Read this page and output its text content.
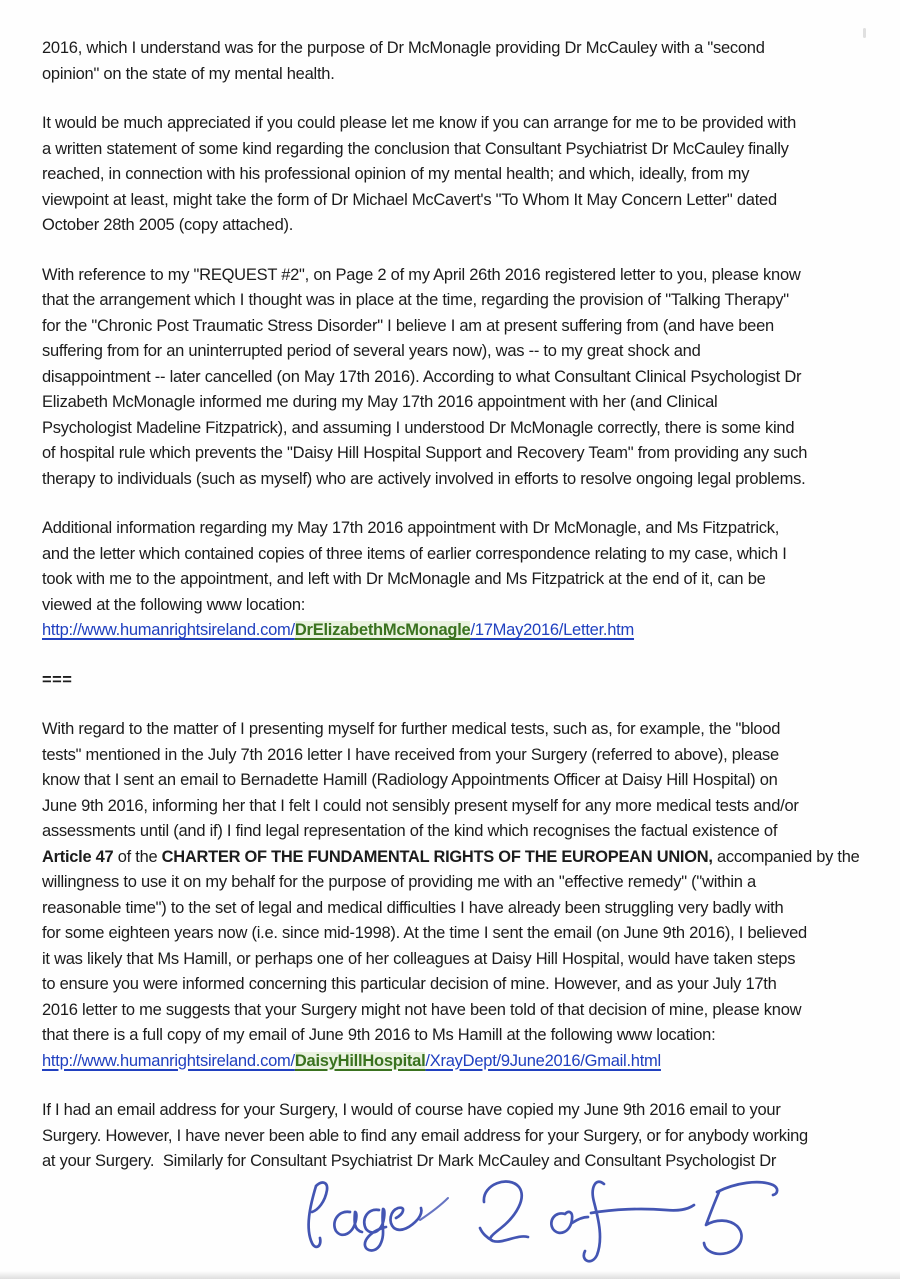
2016, which I understand was for the purpose of Dr McMonagle providing Dr McCauley with a "second
opinion" on the state of my mental health.
It would be much appreciated if you could please let me know if you can arrange for me to be provided with
a written statement of some kind regarding the conclusion that Consultant Psychiatrist Dr McCauley finally
reached, in connection with his professional opinion of my mental health; and which, ideally, from my
viewpoint at least, might take the form of Dr Michael McCavert's "To Whom It May Concern Letter" dated
October 28th 2005 (copy attached).
With reference to my "REQUEST #2", on Page 2 of my April 26th 2016 registered letter to you, please know
that the arrangement which I thought was in place at the time, regarding the provision of "Talking Therapy"
for the "Chronic Post Traumatic Stress Disorder" I believe I am at present suffering from (and have been
suffering from for an uninterrupted period of several years now), was -- to my great shock and
disappointment -- later cancelled (on May 17th 2016). According to what Consultant Clinical Psychologist Dr
Elizabeth McMonagle informed me during my May 17th 2016 appointment with her (and Clinical
Psychologist Madeline Fitzpatrick), and assuming I understood Dr McMonagle correctly, there is some kind
of hospital rule which prevents the "Daisy Hill Hospital Support and Recovery Team" from providing any such
therapy to individuals (such as myself) who are actively involved in efforts to resolve ongoing legal problems.
Additional information regarding my May 17th 2016 appointment with Dr McMonagle, and Ms Fitzpatrick,
and the letter which contained copies of three items of earlier correspondence relating to my case, which I
took with me to the appointment, and left with Dr McMonagle and Ms Fitzpatrick at the end of it, can be
viewed at the following www location:
http://www.humanrightsireland.com/DrElizabethMcMonagle/17May2016/Letter.htm
===
With regard to the matter of I presenting myself for further medical tests, such as, for example, the "blood
tests" mentioned in the July 7th 2016 letter I have received from your Surgery (referred to above), please
know that I sent an email to Bernadette Hamill (Radiology Appointments Officer at Daisy Hill Hospital) on
June 9th 2016, informing her that I felt I could not sensibly present myself for any more medical tests and/or
assessments until (and if) I find legal representation of the kind which recognises the factual existence of
Article 47 of the CHARTER OF THE FUNDAMENTAL RIGHTS OF THE EUROPEAN UNION, accompanied by the
willingness to use it on my behalf for the purpose of providing me with an "effective remedy" ("within a
reasonable time") to the set of legal and medical difficulties I have already been struggling very badly with
for some eighteen years now (i.e. since mid-1998). At the time I sent the email (on June 9th 2016), I believed
it was likely that Ms Hamill, or perhaps one of her colleagues at Daisy Hill Hospital, would have taken steps
to ensure you were informed concerning this particular decision of mine. However, and as your July 17th
2016 letter to me suggests that your Surgery might not have been told of that decision of mine, please know
that there is a full copy of my email of June 9th 2016 to Ms Hamill at the following www location:
http://www.humanrightsireland.com/DaisyHillHospital/XrayDept/9June2016/Gmail.html
If I had an email address for your Surgery, I would of course have copied my June 9th 2016 email to your
Surgery. However, I have never been able to find any email address for your Surgery, or for anybody working
at your Surgery.  Similarly for Consultant Psychiatrist Dr Mark McCauley and Consultant Psychologist Dr
